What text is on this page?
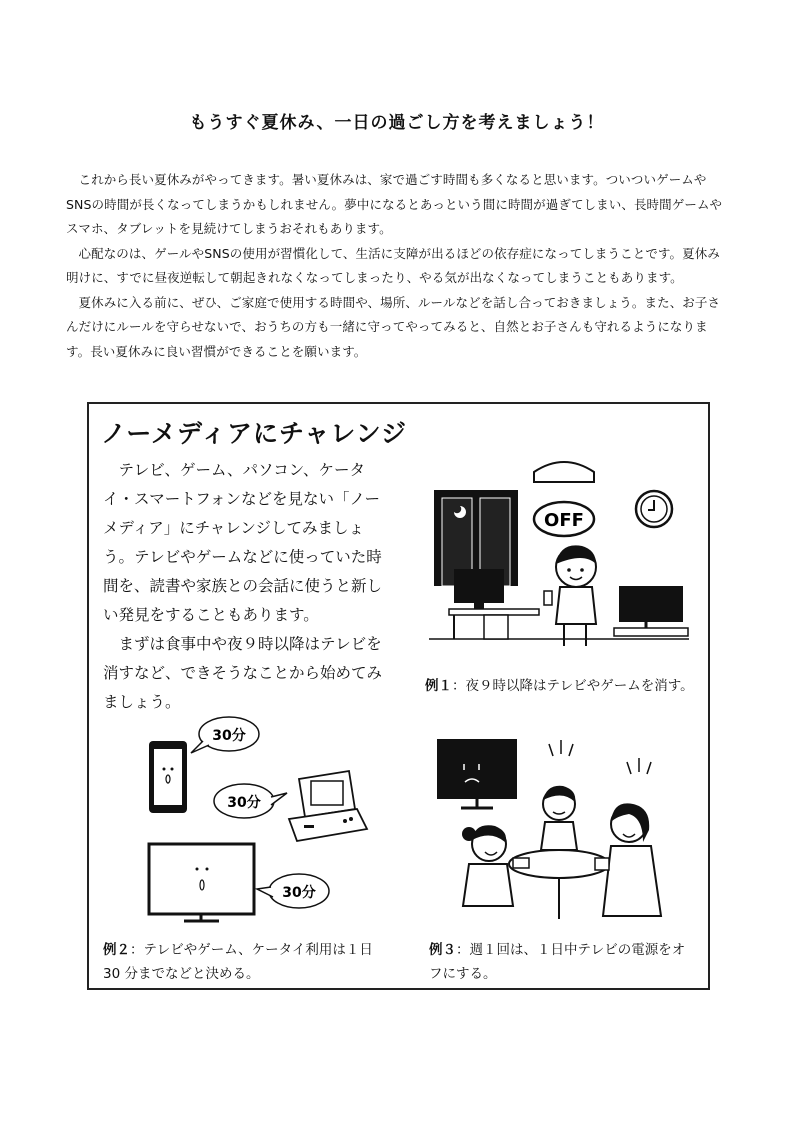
もうすぐ夏休み、一日の過ごし方を考えましょう！

これから長い夏休みがやってきます。暑い夏休みは、家で過ごす時間も多くなると思います。ついついゲームやSNSの時間が長くなってしまうかもしれません。夢中になるとあっという間に時間が過ぎてしまい、長時間ゲームやスマホ、タブレットを見続けてしまうおそれもあります。

心配なのは、ゲールやSNSの使用が習慣化して、生活に支障が出るほどの依存症になってしまうことです。夏休み明けに、すでに昼夜逆転して朝起きれなくなってしまったり、やる気が出なくなってしまうこともあります。

夏休みに入る前に、ぜひ、ご家庭で使用する時間や、場所、ルールなどを話し合っておきましょう。また、お子さんだけにルールを守らせないで、おうちの方も一緒に守ってやってみると、自然とお子さんも守れるようになります。長い夏休みに良い習慣ができることを願います。

ノーメディアにチャレンジ

テレビ、ゲーム、パソコン、ケータイ・スマートフォンなどを見ない「ノーメディア」にチャレンジしてみましょう。テレビやゲームなどに使っていた時間を、読書や家族との会話に使うと新しい発見をすることもあります。

まずは食事中や夜９時以降はテレビを消すなど、できそうなことから始めてみましょう。

OFF
例１：夜９時以降はテレビやゲームを消す。
30分
30分
30分
例２：テレビやゲーム、ケータイ利用は１日30 分までなどと決める。
例３：週１回は、１日中テレビの電源をオフにする。
